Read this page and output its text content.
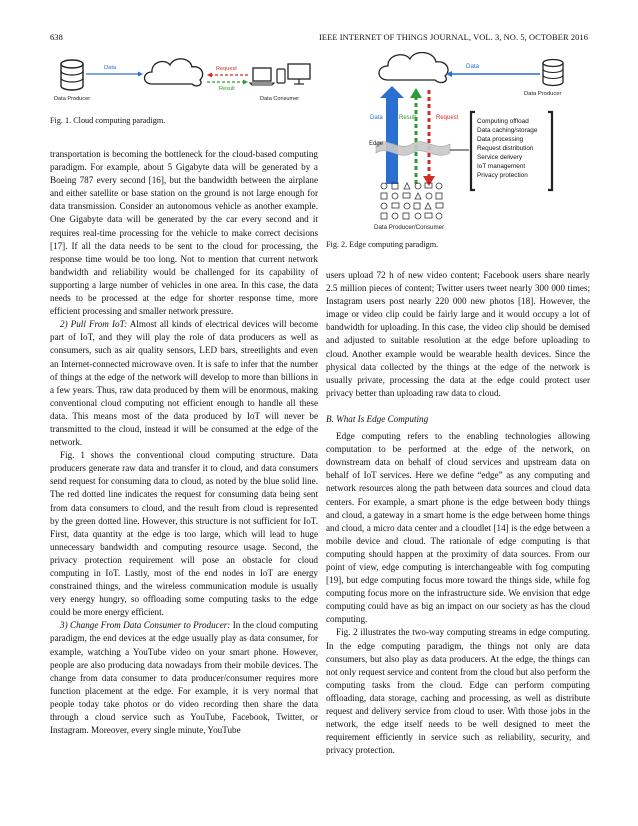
638	IEEE INTERNET OF THINGS JOURNAL, VOL. 3, NO. 5, OCTOBER 2016
Data Producer
Data	Request
Result
Data Consumer
Fig. 1. Cloud computing paradigm.
Data
Data Producer
Data	Result	Request
Edge
Computing offload
Data caching/storage
Data processing
Request distribution
Service delivery
IoT management
Privacy protection
Data Producer/Consumer
Fig. 2. Edge computing paradigm.

transportation is becoming the bottleneck for the cloud-based computing paradigm. For example, about 5 Gigabyte data will be generated by a Boeing 787 every second [16], but the bandwidth between the airplane and either satellite or base station on the ground is not large enough for data transmission. Consider an autonomous vehicle as another example. One Gigabyte data will be generated by the car every second and it requires real-time processing for the vehicle to make correct decisions [17]. If all the data needs to be sent to the cloud for processing, the response time would be too long. Not to mention that current network bandwidth and reliability would be challenged for its capability of supporting a large number of vehicles in one area. In this case, the data needs to be processed at the edge for shorter response time, more efficient processing and smaller network pressure.

2) Pull From IoT: Almost all kinds of electrical devices will become part of IoT, and they will play the role of data producers as well as consumers, such as air quality sensors, LED bars, streetlights and even an Internet-connected microwave oven. It is safe to infer that the number of things at the edge of the network will develop to more than billions in a few years. Thus, raw data produced by them will be enormous, making conventional cloud computing not efficient enough to handle all these data. This means most of the data produced by IoT will never be transmitted to the cloud, instead it will be consumed at the edge of the network.

Fig. 1 shows the conventional cloud computing structure. Data producers generate raw data and transfer it to cloud, and data consumers send request for consuming data to cloud, as noted by the blue solid line. The red dotted line indicates the request for consuming data being sent from data consumers to cloud, and the result from cloud is represented by the green dotted line. However, this structure is not sufficient for IoT. First, data quantity at the edge is too large, which will lead to huge unnecessary bandwidth and computing resource usage. Second, the privacy protection requirement will pose an obstacle for cloud computing in IoT. Lastly, most of the end nodes in IoT are energy constrained things, and the wireless communication module is usually very energy hungry, so offloading some computing tasks to the edge could be more energy efficient.

3) Change From Data Consumer to Producer: In the cloud computing paradigm, the end devices at the edge usually play as data consumer, for example, watching a YouTube video on your smart phone. However, people are also producing data nowadays from their mobile devices. The change from data consumer to data producer/consumer requires more function placement at the edge. For example, it is very normal that people today take photos or do video recording then share the data through a cloud service such as YouTube, Facebook, Twitter, or Instagram. Moreover, every single minute, YouTube

users upload 72 h of new video content; Facebook users share nearly 2.5 million pieces of content; Twitter users tweet nearly 300 000 times; Instagram users post nearly 220 000 new photos [18]. However, the image or video clip could be fairly large and it would occupy a lot of bandwidth for uploading. In this case, the video clip should be demised and adjusted to suitable resolution at the edge before uploading to cloud. Another example would be wearable health devices. Since the physical data collected by the things at the edge of the network is usually private, processing the data at the edge could protect user privacy better than uploading raw data to cloud.

B. What Is Edge Computing

Edge computing refers to the enabling technologies allowing computation to be performed at the edge of the network, on downstream data on behalf of cloud services and upstream data on behalf of IoT services. Here we define “edge” as any computing and network resources along the path between data sources and cloud data centers. For example, a smart phone is the edge between body things and cloud, a gateway in a smart home is the edge between home things and cloud, a micro data center and a cloudlet [14] is the edge between a mobile device and cloud. The rationale of edge computing is that computing should happen at the proximity of data sources. From our point of view, edge computing is interchangeable with fog computing [19], but edge computing focus more toward the things side, while fog computing focus more on the infrastructure side. We envision that edge computing could have as big an impact on our society as has the cloud computing.

Fig. 2 illustrates the two-way computing streams in edge computing. In the edge computing paradigm, the things not only are data consumers, but also play as data producers. At the edge, the things can not only request service and content from the cloud but also perform the computing tasks from the cloud. Edge can perform computing offloading, data storage, caching and processing, as well as distribute request and delivery service from cloud to user. With those jobs in the network, the edge itself needs to be well designed to meet the requirement efficiently in service such as reliability, security, and privacy protection.
